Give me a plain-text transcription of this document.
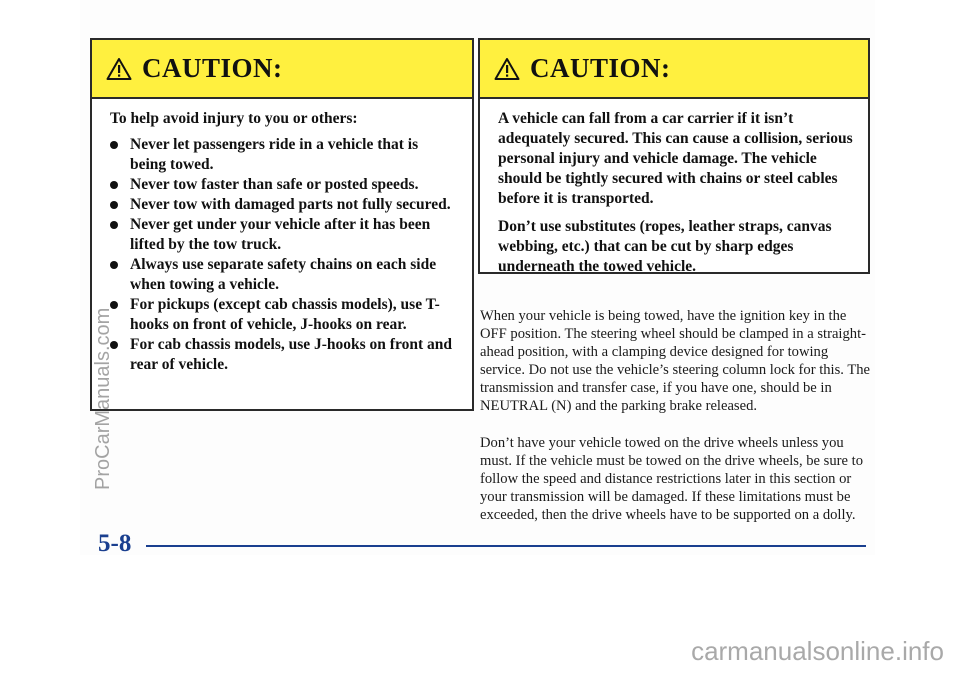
CAUTION:

To help avoid injury to you or others:

Never let passengers ride in a vehicle that is being towed.
Never tow faster than safe or posted speeds.
Never tow with damaged parts not fully secured.
Never get under your vehicle after it has been lifted by the tow truck.
Always use separate safety chains on each side when towing a vehicle.
For pickups (except cab chassis models), use T-hooks on front of vehicle, J-hooks on rear.
For cab chassis models, use J-hooks on front and rear of vehicle.
CAUTION:

A vehicle can fall from a car carrier if it isn’t adequately secured. This can cause a collision, serious personal injury and vehicle damage. The vehicle should be tightly secured with chains or steel cables before it is transported.

Don’t use substitutes (ropes, leather straps, canvas webbing, etc.) that can be cut by sharp edges underneath the towed vehicle.

When your vehicle is being towed, have the ignition key in the OFF position. The steering wheel should be clamped in a straight-ahead position, with a clamping device designed for towing service. Do not use the vehicle’s steering column lock for this. The transmission and transfer case, if you have one, should be in NEUTRAL (N) and the parking brake released.

Don’t have your vehicle towed on the drive wheels unless you must. If the vehicle must be towed on the drive wheels, be sure to follow the speed and distance restrictions later in this section or your transmission will be damaged. If these limitations must be exceeded, then the drive wheels have to be supported on a dolly.

5-8
ProCarManuals.com
carmanualsonline.info
